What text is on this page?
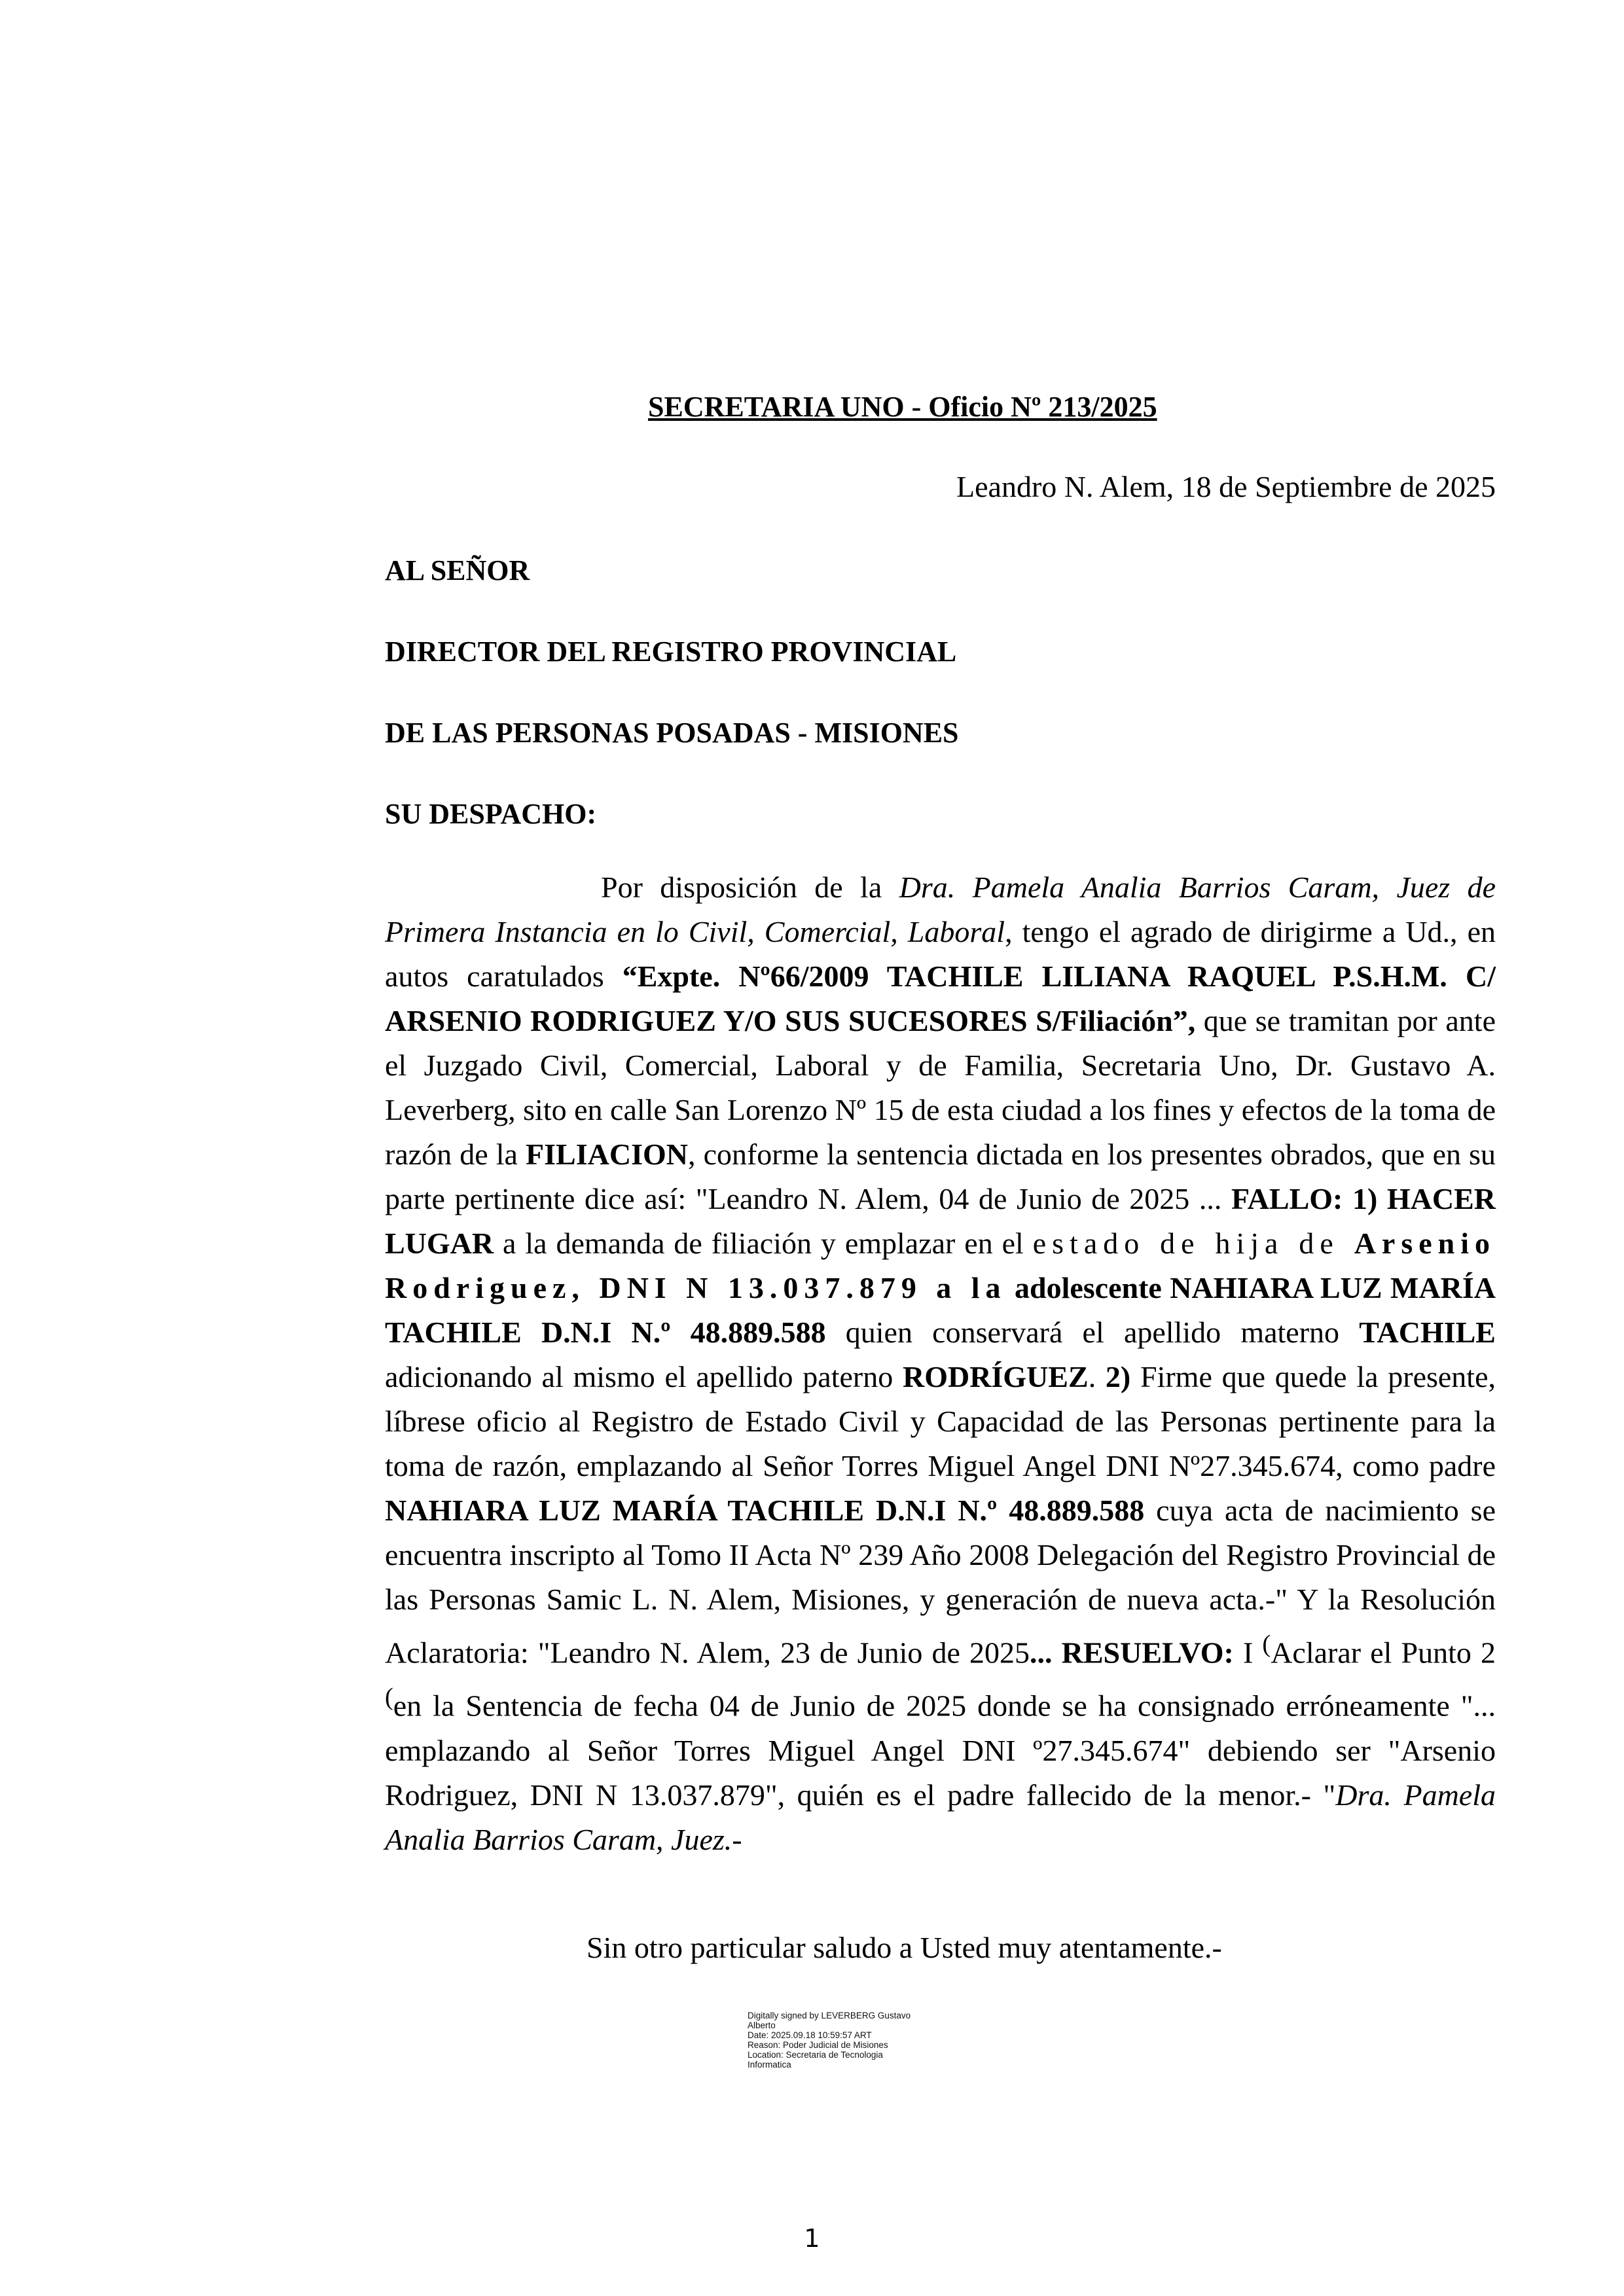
SECRETARIA UNO - Oficio Nº 213/2025
Leandro N. Alem, 18 de Septiembre de 2025
AL SEÑOR
DIRECTOR DEL REGISTRO PROVINCIAL
DE LAS PERSONAS POSADAS - MISIONES
SU DESPACHO:
Por disposición de la Dra. Pamela Analia Barrios Caram, Juez de Primera Instancia en lo Civil, Comercial, Laboral, tengo el agrado de dirigirme a Ud., en autos caratulados “Expte. Nº66/2009 TACHILE LILIANA RAQUEL P.S.H.M. C/ ARSENIO RODRIGUEZ Y/O SUS SUCESORES S/Filiación”, que se tramitan por ante el Juzgado Civil, Comercial, Laboral y de Familia, Secretaria Uno, Dr. Gustavo A. Leverberg, sito en calle San Lorenzo Nº 15 de esta ciudad a los fines y efectos de la toma de razón de la FILIACION, conforme la sentencia dictada en los presentes obrados, que en su parte pertinente dice así: "Leandro N. Alem, 04 de Junio de 2025 ... FALLO: 1) HACER LUGAR a la demanda de filiación y emplazar en el estado de hija de Arsenio Rodriguez, DNI N 13.037.879 a la adolescente NAHIARA LUZ MARÍA TACHILE D.N.I N.º 48.889.588 quien conservará el apellido materno TACHILE adicionando al mismo el apellido paterno RODRÍGUEZ. 2) Firme que quede la presente, líbrese oficio al Registro de Estado Civil y Capacidad de las Personas pertinente para la toma de razón, emplazando al Señor Torres Miguel Angel DNI Nº27.345.674, como padre NAHIARA LUZ MARÍA TACHILE D.N.I N.º 48.889.588 cuya acta de nacimiento se encuentra inscripto al Tomo II Acta Nº 239 Año 2008 Delegación del Registro Provincial de las Personas Samic L. N. Alem, Misiones, y generación de nueva acta.-" Y la Resolución Aclaratoria: "Leandro N. Alem, 23 de Junio de 2025... RESUELVO: I (Aclarar el Punto 2 (en la Sentencia de fecha 04 de Junio de 2025 donde se ha consignado erróneamente "... emplazando al Señor Torres Miguel Angel DNI º27.345.674" debiendo ser "Arsenio Rodriguez, DNI N 13.037.879", quién es el padre fallecido de la menor.- "Dra. Pamela Analia Barrios Caram, Juez.-
Sin otro particular saludo a Usted muy atentamente.-
Digitally signed by LEVERBERG Gustavo
Alberto
Date: 2025.09.18 10:59:57 ART
Reason: Poder Judicial de Misiones
Location: Secretaria de Tecnologia
Informatica
1
